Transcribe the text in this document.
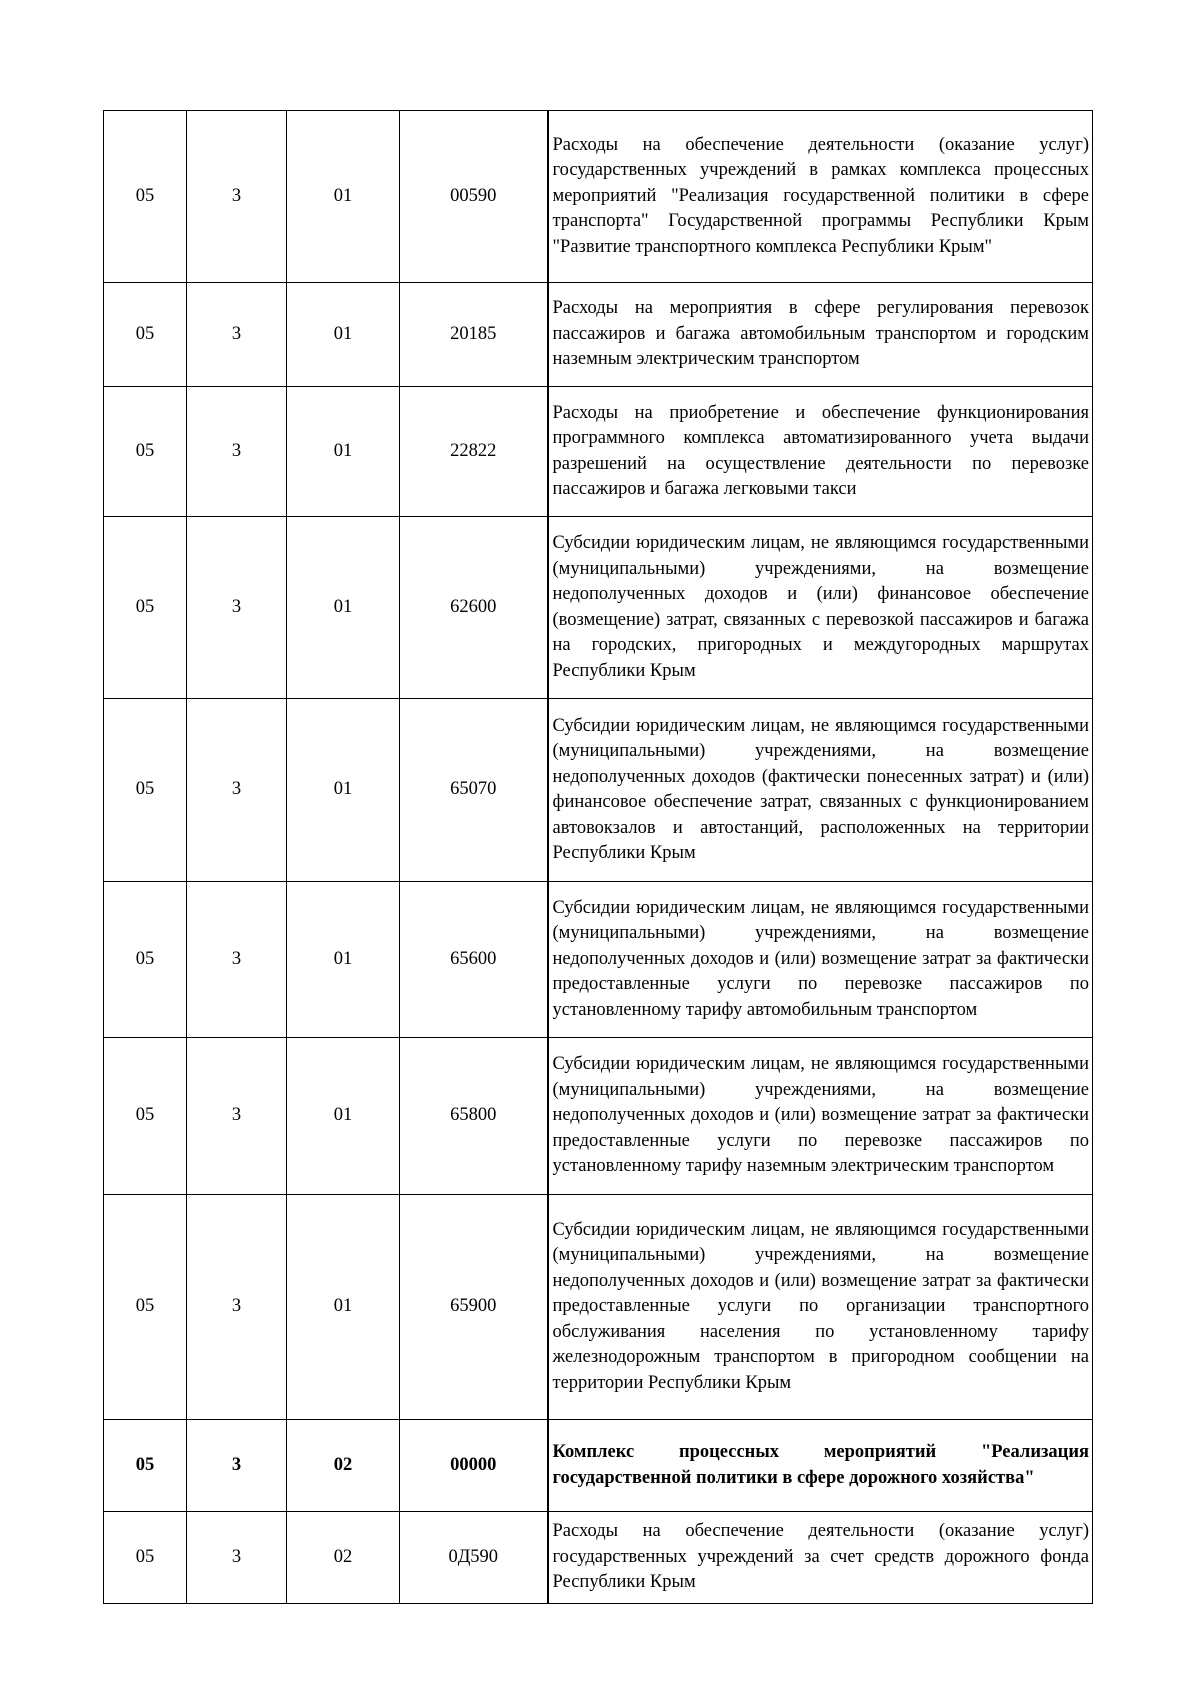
05	3	01	00590	Расходы на обеспечение деятельности (оказание услуг) государственных учреждений в рамках комплекса процессных мероприятий "Реализация государственной политики в сфере транспорта" Государственной программы Республики Крым "Развитие транспортного комплекса Республики Крым"
05	3	01	20185	Расходы на мероприятия в сфере регулирования перевозок пассажиров и багажа автомобильным транспортом и городским наземным электрическим транспортом
05	3	01	22822	Расходы на приобретение и обеспечение функционирования программного комплекса автоматизированного учета выдачи разрешений на осуществление деятельности по перевозке пассажиров и багажа легковыми такси
05	3	01	62600	Субсидии юридическим лицам, не являющимся государственными (муниципальными) учреждениями, на возмещение недополученных доходов и (или) финансовое обеспечение (возмещение) затрат, связанных с перевозкой пассажиров и багажа на городских, пригородных и междугородных маршрутах Республики Крым
05	3	01	65070	Субсидии юридическим лицам, не являющимся государственными (муниципальными) учреждениями, на возмещение недополученных доходов (фактически понесенных затрат) и (или) финансовое обеспечение затрат, связанных с функционированием автовокзалов и автостанций, расположенных на территории Республики Крым
05	3	01	65600	Субсидии юридическим лицам, не являющимся государственными (муниципальными) учреждениями, на возмещение недополученных доходов и (или) возмещение затрат за фактически предоставленные услуги по перевозке пассажиров по установленному тарифу автомобильным транспортом
05	3	01	65800	Субсидии юридическим лицам, не являющимся государственными (муниципальными) учреждениями, на возмещение недополученных доходов и (или) возмещение затрат за фактически предоставленные услуги по перевозке пассажиров по установленному тарифу наземным электрическим транспортом
05	3	01	65900	Субсидии юридическим лицам, не являющимся государственными (муниципальными) учреждениями, на возмещение недополученных доходов и (или) возмещение затрат за фактически предоставленные услуги по организации транспортного обслуживания населения по установленному тарифу железнодорожным транспортом в пригородном сообщении на территории Республики Крым
05	3	02	00000	Комплекс процессных мероприятий "Реализация государственной политики в сфере дорожного хозяйства"
05	3	02	0Д590	Расходы на обеспечение деятельности (оказание услуг) государственных учреждений за счет средств дорожного фонда Республики Крым
